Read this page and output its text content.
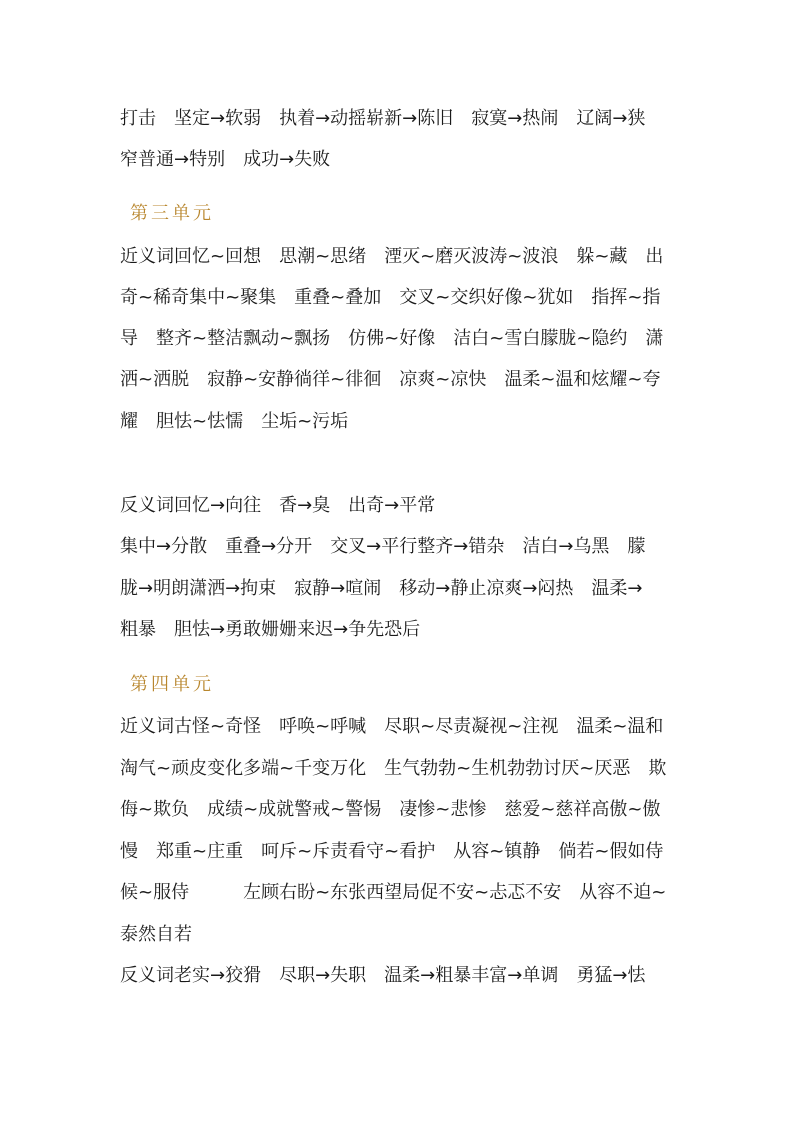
打击　坚定→软弱　执着→动摇崭新→陈旧　寂寞→热闹　辽阔→狭
窄普通→特别　成功→失败
第三单元
近义词回忆~回想　思潮~思绪　湮灭~磨灭波涛~波浪　躲~藏　出
奇~稀奇集中~聚集　重叠~叠加　交叉~交织好像~犹如　指挥~指
导　整齐~整洁飘动~飘扬　仿佛~好像　洁白~雪白朦胧~隐约　潇
洒~洒脱　寂静~安静徜徉~徘徊　凉爽~凉快　温柔~温和炫耀~夸
耀　胆怯~怯懦　尘垢~污垢
反义词回忆→向往　香→臭　出奇→平常
集中→分散　重叠→分开　交叉→平行整齐→错杂　洁白→乌黑　朦
胧→明朗潇洒→拘束　寂静→喧闹　移动→静止凉爽→闷热　温柔→
粗暴　胆怯→勇敢姗姗来迟→争先恐后
第四单元
近义词古怪~奇怪　呼唤~呼喊　尽职~尽责凝视~注视　温柔~温和
淘气~顽皮变化多端~千变万化　生气勃勃~生机勃勃讨厌~厌恶　欺
侮~欺负　成绩~成就警戒~警惕　凄惨~悲惨　慈爱~慈祥高傲~傲
慢　郑重~庄重　呵斥~斥责看守~看护　从容~镇静　倘若~假如侍
候~服侍　　　左顾右盼~东张西望局促不安~忐忑不安　从容不迫~
泰然自若
反义词老实→狡猾　尽职→失职　温柔→粗暴丰富→单调　勇猛→怯
